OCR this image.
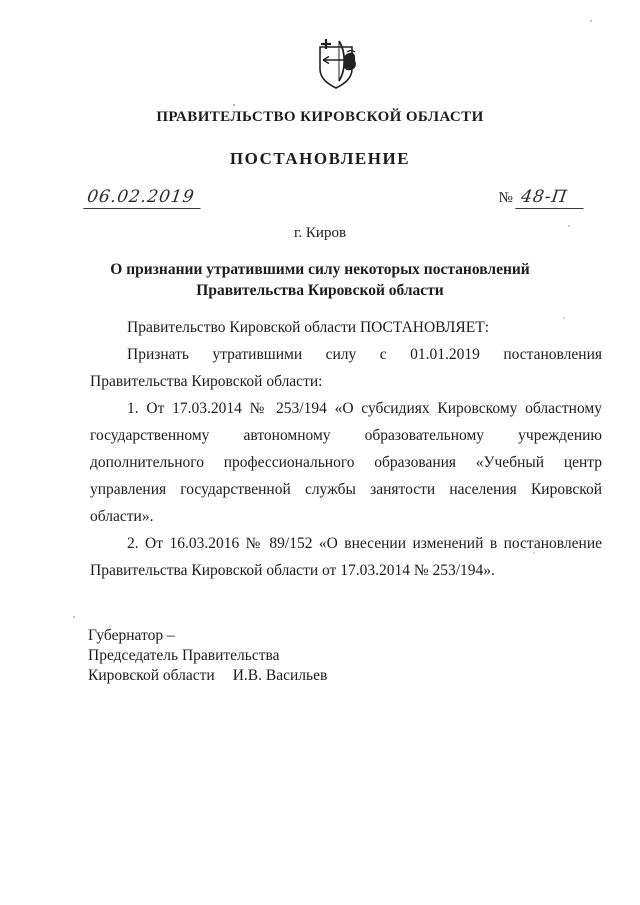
ПРАВИТЕЛЬСТВО КИРОВСКОЙ ОБЛАСТИ
ПОСТАНОВЛЕНИЕ
06.02.2019	№ 48-П
г. Киров
О признании утратившими силу некоторых постановлений
Правительства Кировской области

Правительство Кировской области ПОСТАНОВЛЯЕТ:

Признать утратившими силу с 01.01.2019 постановления Правительства Кировской области:

1. От 17.03.2014 № 253/194 «О субсидиях Кировскому областному государственному автономному образовательному учреждению дополнительного профессионального образования «Учебный центр управления государственной службы занятости населения Кировской области».

2. От 16.03.2016 № 89/152 «О внесении изменений в постановление Правительства Кировской области от 17.03.2014 № 253/194».

Губернатор –
Председатель Правительства
Кировской области И.В. Васильев
